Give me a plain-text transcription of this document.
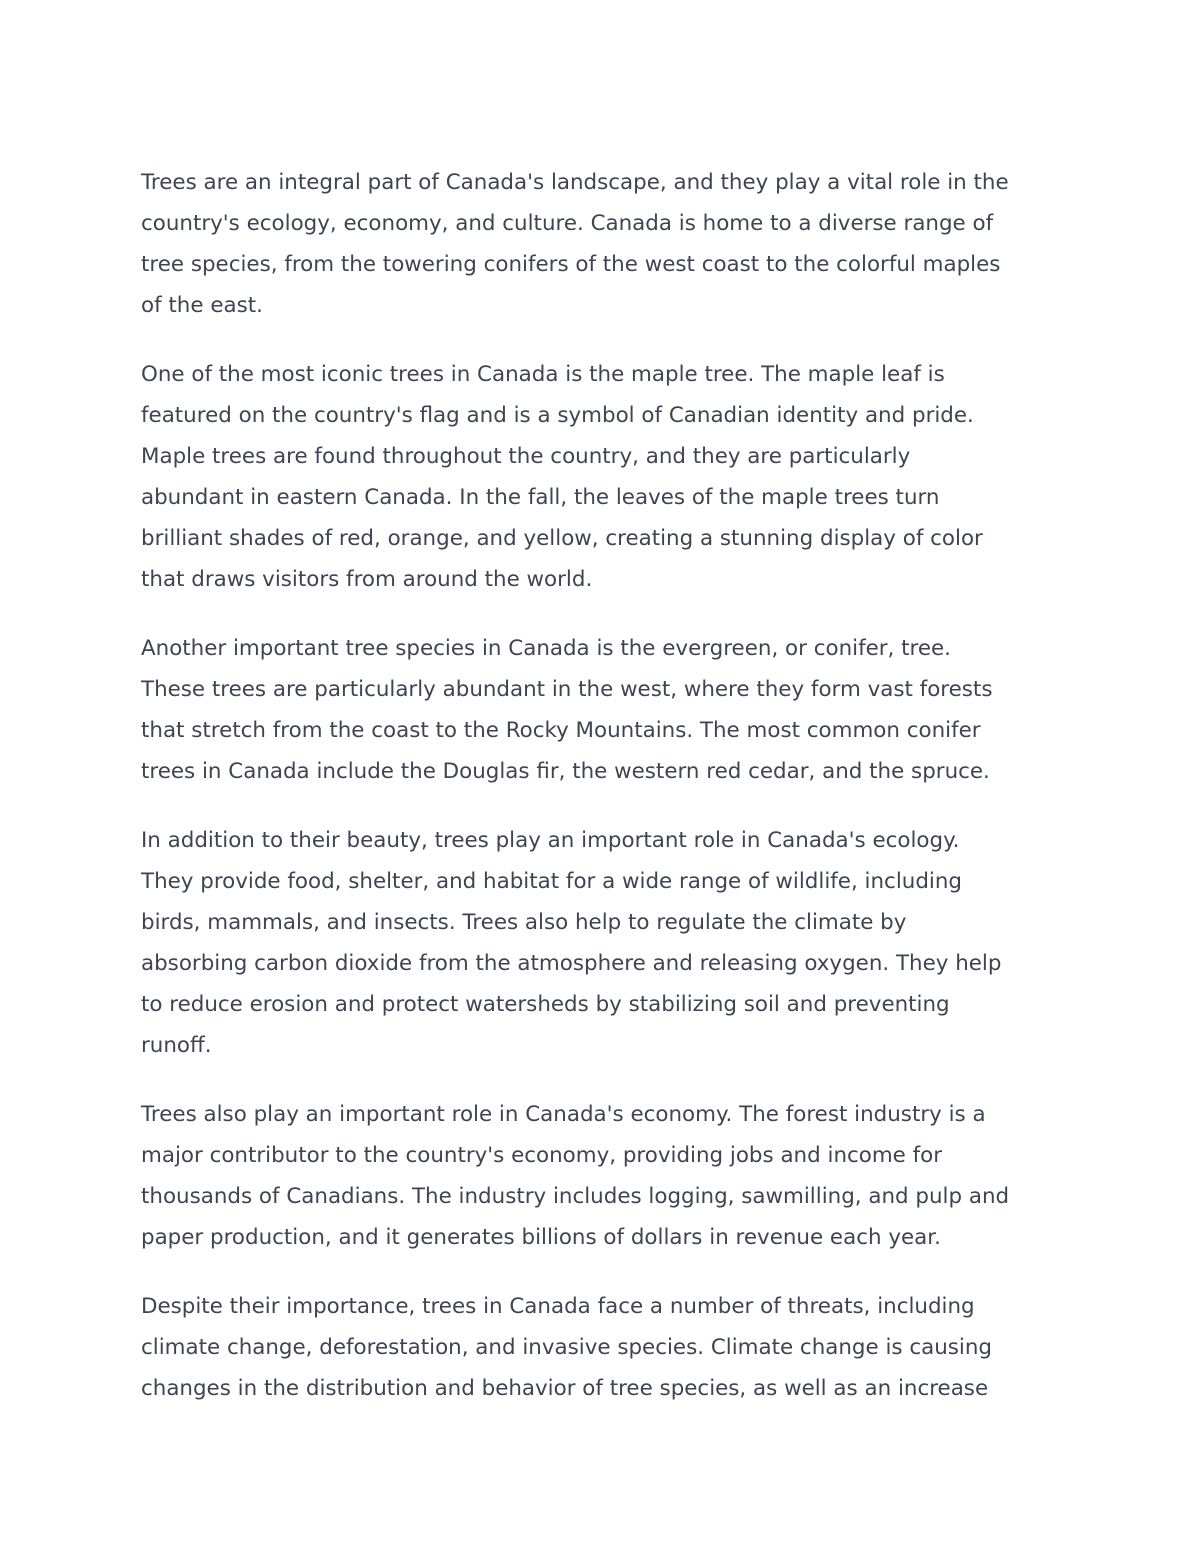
Trees are an integral part of Canada's landscape, and they play a vital role in the
country's ecology, economy, and culture. Canada is home to a diverse range of
tree species, from the towering conifers of the west coast to the colorful maples
of the east.

One of the most iconic trees in Canada is the maple tree. The maple leaf is
featured on the country's flag and is a symbol of Canadian identity and pride.
Maple trees are found throughout the country, and they are particularly
abundant in eastern Canada. In the fall, the leaves of the maple trees turn
brilliant shades of red, orange, and yellow, creating a stunning display of color
that draws visitors from around the world.

Another important tree species in Canada is the evergreen, or conifer, tree.
These trees are particularly abundant in the west, where they form vast forests
that stretch from the coast to the Rocky Mountains. The most common conifer
trees in Canada include the Douglas fir, the western red cedar, and the spruce.

In addition to their beauty, trees play an important role in Canada's ecology.
They provide food, shelter, and habitat for a wide range of wildlife, including
birds, mammals, and insects. Trees also help to regulate the climate by
absorbing carbon dioxide from the atmosphere and releasing oxygen. They help
to reduce erosion and protect watersheds by stabilizing soil and preventing
runoff.

Trees also play an important role in Canada's economy. The forest industry is a
major contributor to the country's economy, providing jobs and income for
thousands of Canadians. The industry includes logging, sawmilling, and pulp and
paper production, and it generates billions of dollars in revenue each year.

Despite their importance, trees in Canada face a number of threats, including
climate change, deforestation, and invasive species. Climate change is causing
changes in the distribution and behavior of tree species, as well as an increase
